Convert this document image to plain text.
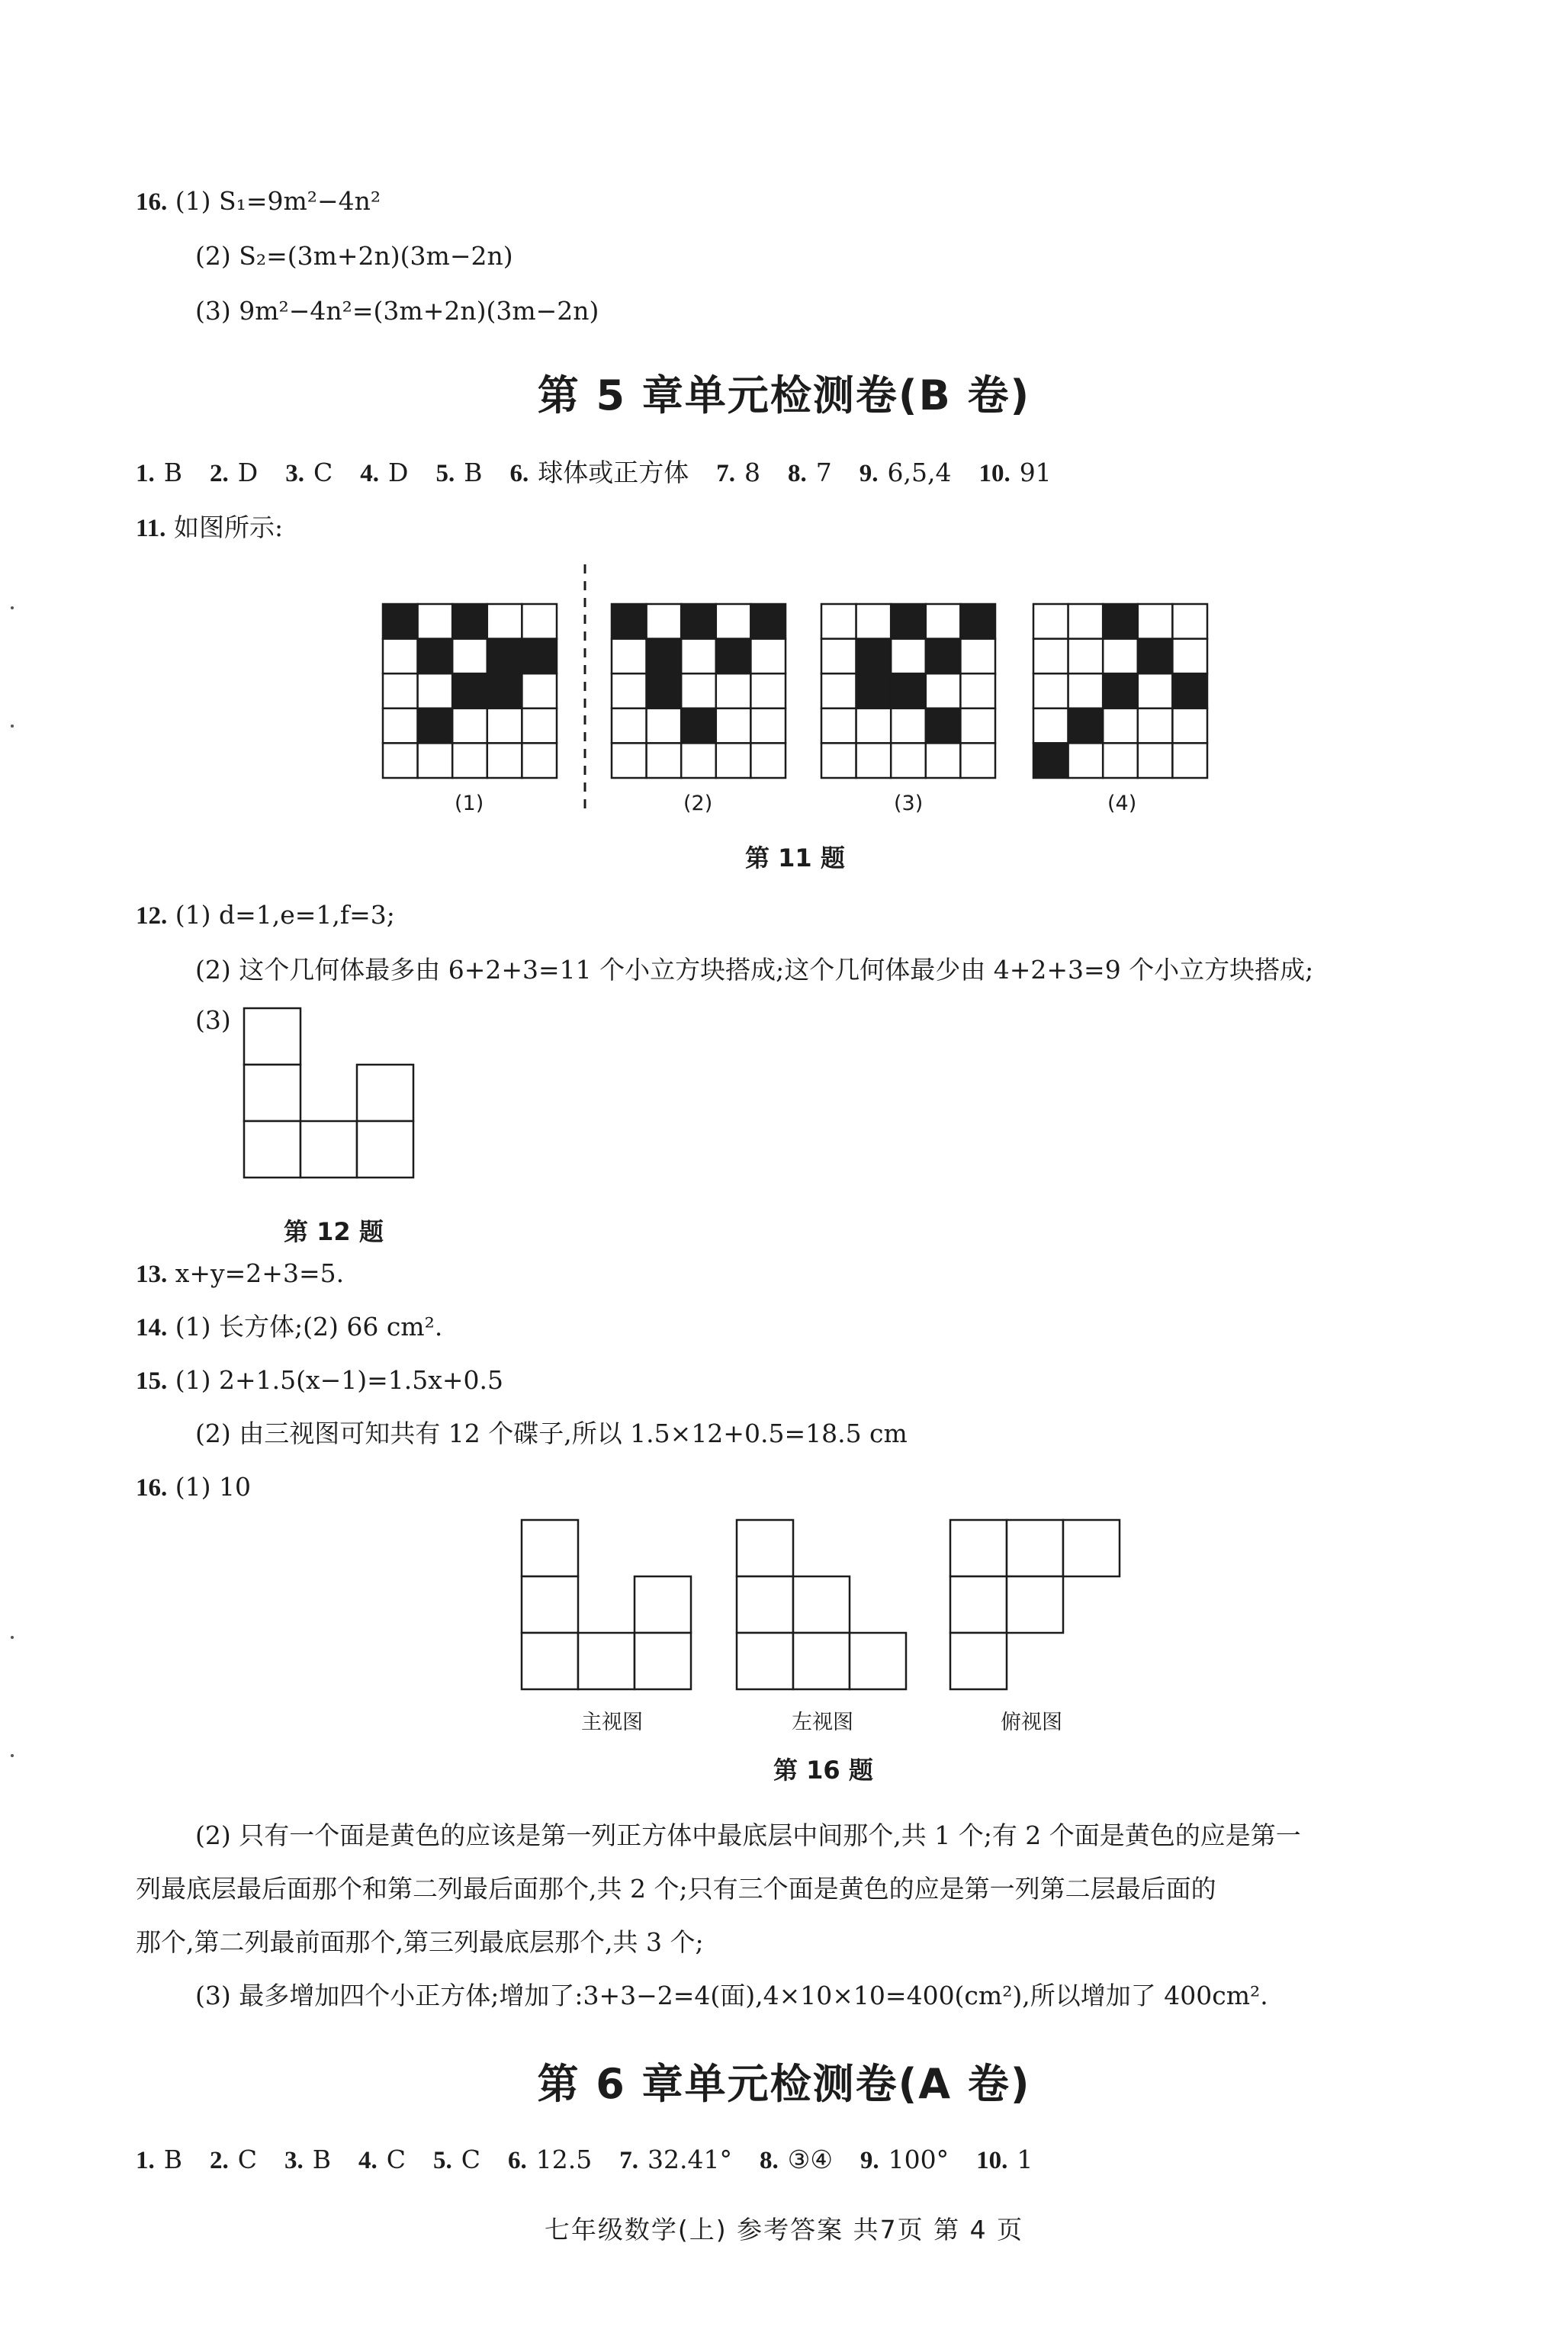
16. (1) S₁=9m²−4n²
(2) S₂=(3m+2n)(3m−2n)
(3) 9m²−4n²=(3m+2n)(3m−2n)
第 5 章单元检测卷(B 卷)
1. B 2. D 3. C 4. D 5. B 6. 球体或正方体 7. 8 8. 7 9. 6,5,4 10. 91
11. 如图所示:
(1)	(2)	(3)	(4)
第 11 题
12. (1) d=1,e=1,f=3;
(2) 这个几何体最多由 6+2+3=11 个小立方块搭成;这个几何体最少由 4+2+3=9 个小立方块搭成;
(3)
第 12 题
13. x+y=2+3=5.
14. (1) 长方体;(2) 66 cm².
15. (1) 2+1.5(x−1)=1.5x+0.5
(2) 由三视图可知共有 12 个碟子,所以 1.5×12+0.5=18.5 cm
16. (1) 10
主视图	左视图	俯视图
第 16 题
(2) 只有一个面是黄色的应该是第一列正方体中最底层中间那个,共 1 个;有 2 个面是黄色的应是第一
列最底层最后面那个和第二列最后面那个,共 2 个;只有三个面是黄色的应是第一列第二层最后面的
那个,第二列最前面那个,第三列最底层那个,共 3 个;
(3) 最多增加四个小正方体;增加了:3+3−2=4(面),4×10×10=400(cm²),所以增加了 400cm².
第 6 章单元检测卷(A 卷)
1. B 2. C 3. B 4. C 5. C 6. 12.5 7. 32.41° 8. ③④ 9. 100° 10. 1
七年级数学(上) 参考答案 共7页 第 4 页
